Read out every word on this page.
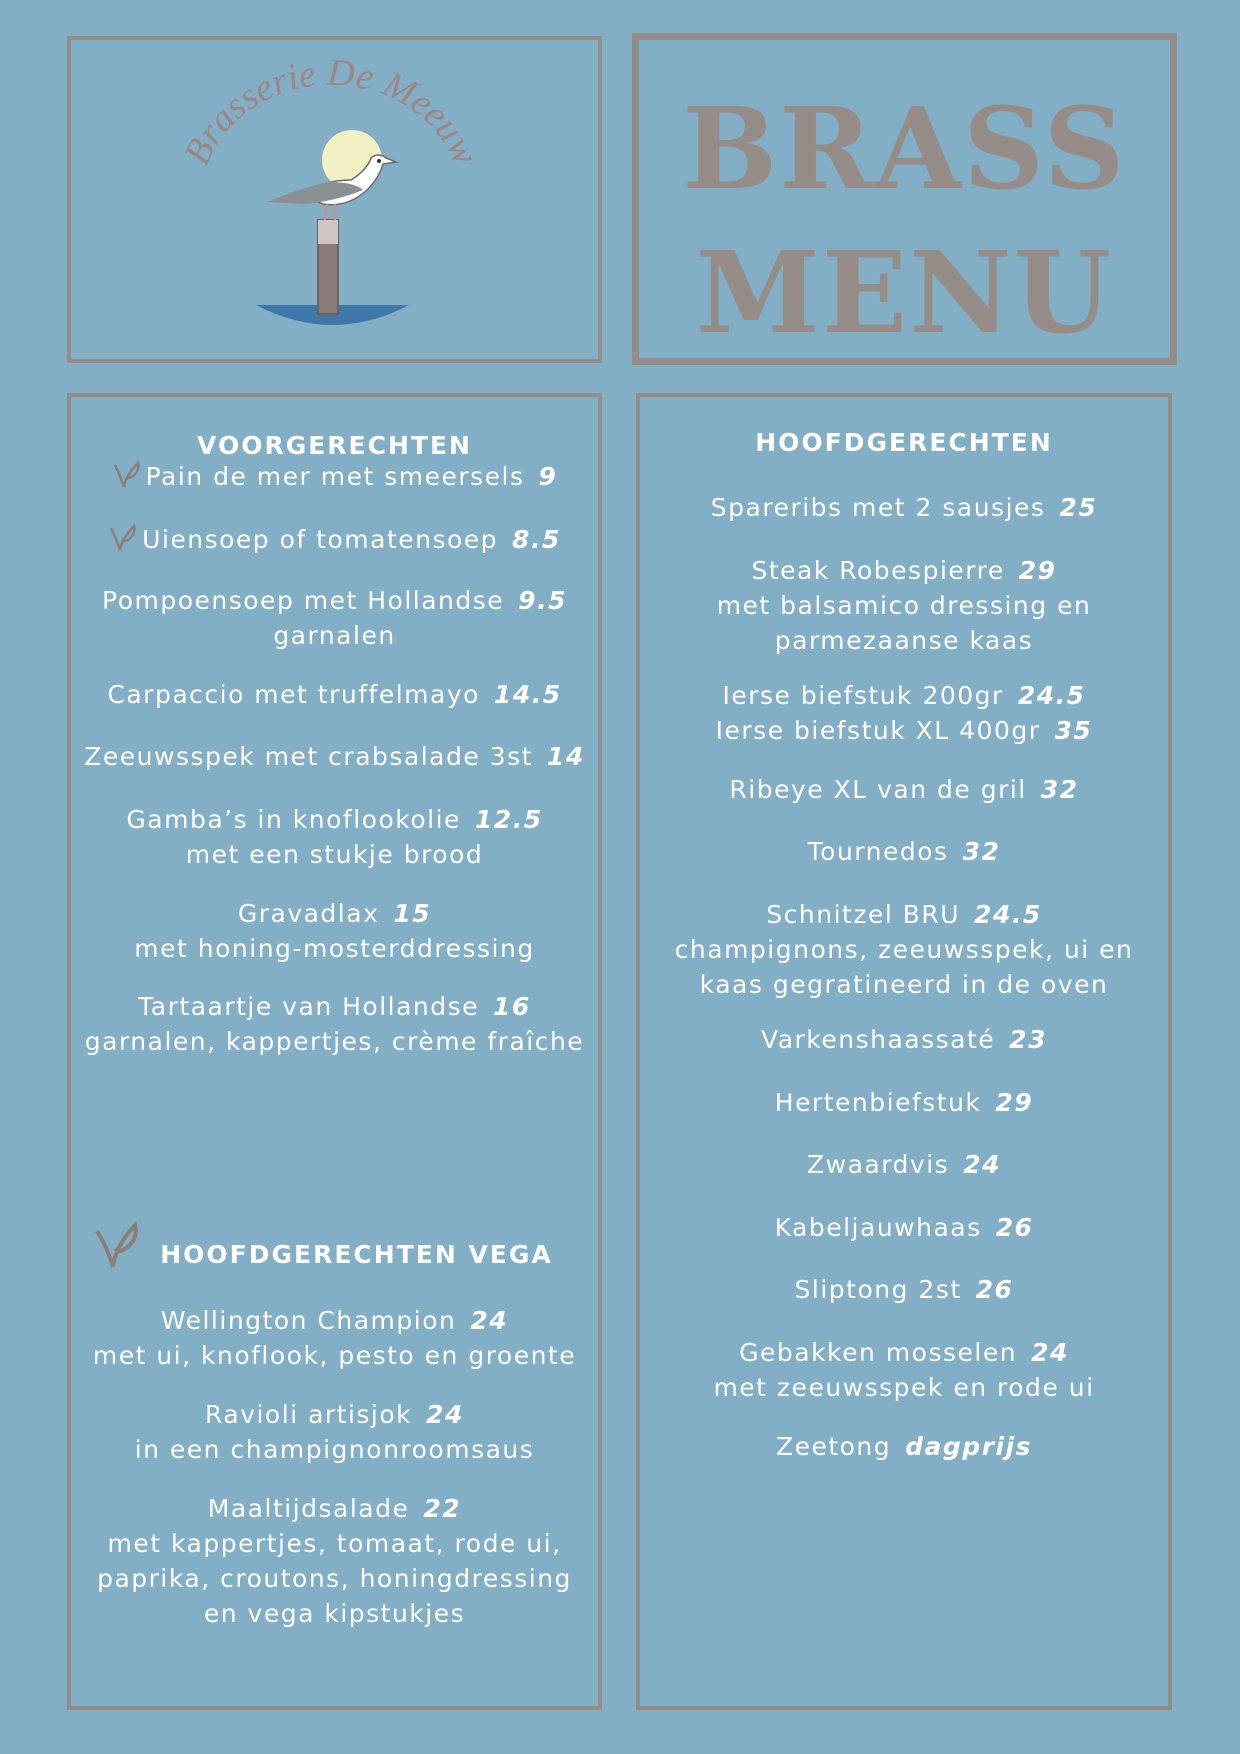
Brasserie De Meeuw	BRASS
MENU
VOORGERECHTEN
Pain de mer met smeersels 9
Uiensoep of tomatensoep 8.5
Pompoensoep met Hollandse 9.5
garnalen
Carpaccio met truffelmayo 14.5
Zeeuwsspek met crabsalade 3st 14
Gamba’s in knoflookolie 12.5
met een stukje brood
Gravadlax 15
met honing-mosterddressing
Tartaartje van Hollandse 16
garnalen, kappertjes, crème fraîche
HOOFDGERECHTEN VEGA
Wellington Champion 24
met ui, knoflook, pesto en groente
Ravioli artisjok 24
in een champignonroomsaus
Maaltijdsalade 22
met kappertjes, tomaat, rode ui,
paprika, croutons, honingdressing
en vega kipstukjes
HOOFDGERECHTEN
Spareribs met 2 sausjes 25
Steak Robespierre 29
met balsamico dressing en
parmezaanse kaas
Ierse biefstuk 200gr 24.5
Ierse biefstuk XL 400gr 35
Ribeye XL van de gril 32
Tournedos 32
Schnitzel BRU 24.5
champignons, zeeuwsspek, ui en
kaas gegratineerd in de oven
Varkenshaassaté 23
Hertenbiefstuk 29
Zwaardvis 24
Kabeljauwhaas 26
Sliptong 2st 26
Gebakken mosselen 24
met zeeuwsspek en rode ui
Zeetong dagprijs
